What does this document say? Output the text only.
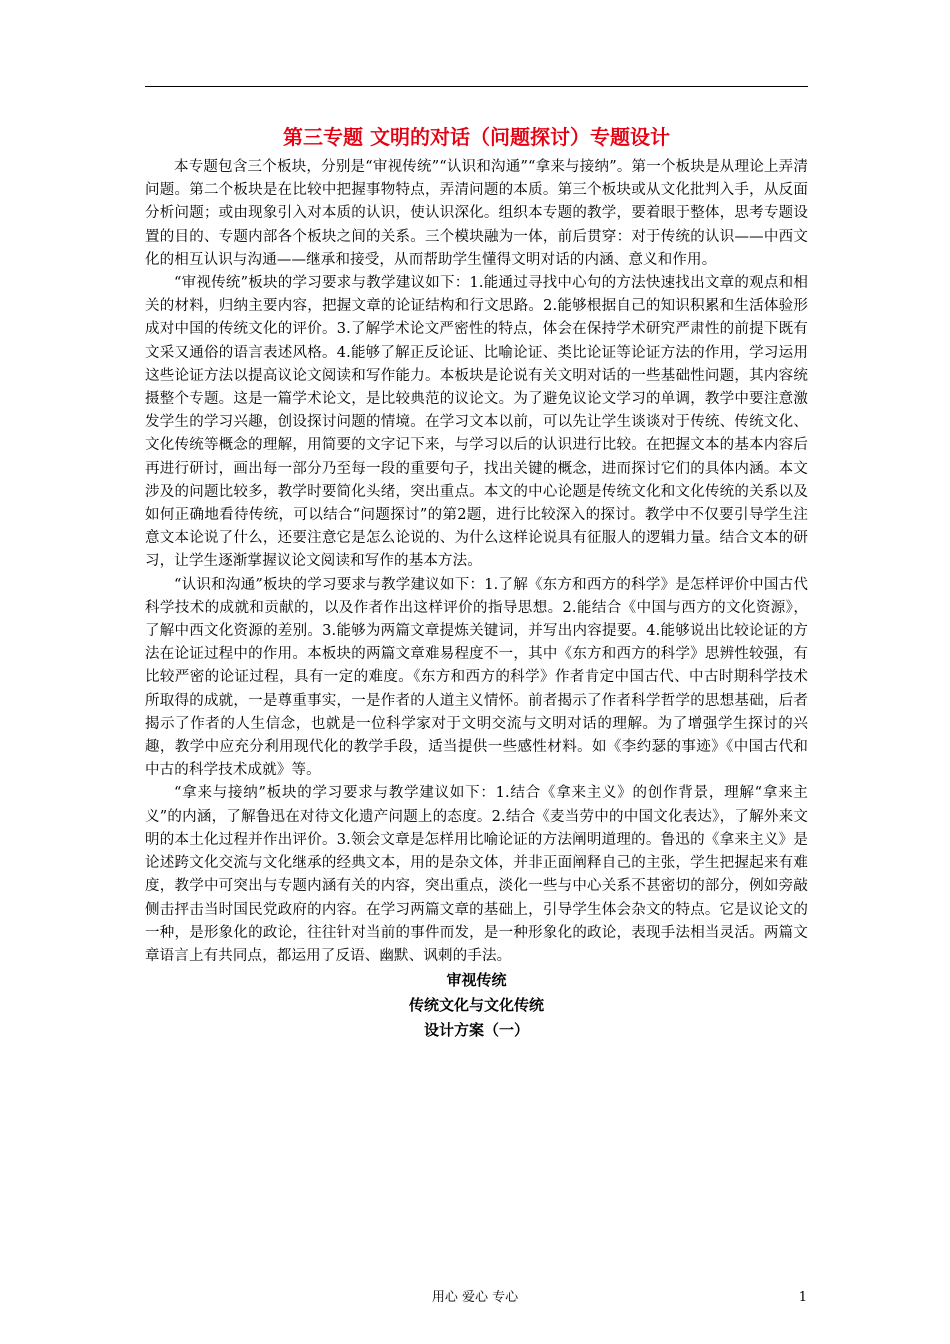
第三专题 文明的对话（问题探讨）专题设计

本专题包含三个板块，分别是“审视传统”“认识和沟通”“拿来与接纳”。第一个板块是从理论上弄清问题。第二个板块是在比较中把握事物特点，弄清问题的本质。第三个板块或从文化批判入手，从反面分析问题；或由现象引入对本质的认识，使认识深化。组织本专题的教学，要着眼于整体，思考专题设置的目的、专题内部各个板块之间的关系。三个模块融为一体，前后贯穿：对于传统的认识——中西文化的相互认识与沟通——继承和接受，从而帮助学生懂得文明对话的内涵、意义和作用。

“审视传统”板块的学习要求与教学建议如下：1.能通过寻找中心句的方法快速找出文章的观点和相关的材料，归纳主要内容，把握文章的论证结构和行文思路。2.能够根据自己的知识积累和生活体验形成对中国的传统文化的评价。3.了解学术论文严密性的特点，体会在保持学术研究严肃性的前提下既有文采又通俗的语言表述风格。4.能够了解正反论证、比喻论证、类比论证等论证方法的作用，学习运用这些论证方法以提高议论文阅读和写作能力。本板块是论说有关文明对话的一些基础性问题，其内容统摄整个专题。这是一篇学术论文，是比较典范的议论文。为了避免议论文学习的单调，教学中要注意激发学生的学习兴趣，创设探讨问题的情境。在学习文本以前，可以先让学生谈谈对于传统、传统文化、文化传统等概念的理解，用简要的文字记下来，与学习以后的认识进行比较。在把握文本的基本内容后再进行研讨，画出每一部分乃至每一段的重要句子，找出关键的概念，进而探讨它们的具体内涵。本文涉及的问题比较多，教学时要简化头绪，突出重点。本文的中心论题是传统文化和文化传统的关系以及如何正确地看待传统，可以结合“问题探讨”的第2题，进行比较深入的探讨。教学中不仅要引导学生注意文本论说了什么，还要注意它是怎么论说的、为什么这样论说具有征服人的逻辑力量。结合文本的研习，让学生逐渐掌握议论文阅读和写作的基本方法。

“认识和沟通”板块的学习要求与教学建议如下：1.了解《东方和西方的科学》是怎样评价中国古代科学技术的成就和贡献的，以及作者作出这样评价的指导思想。2.能结合《中国与西方的文化资源》，了解中西文化资源的差别。3.能够为两篇文章提炼关键词，并写出内容提要。4.能够说出比较论证的方法在论证过程中的作用。本板块的两篇文章难易程度不一，其中《东方和西方的科学》思辨性较强，有比较严密的论证过程，具有一定的难度。《东方和西方的科学》作者肯定中国古代、中古时期科学技术所取得的成就，一是尊重事实，一是作者的人道主义情怀。前者揭示了作者科学哲学的思想基础，后者揭示了作者的人生信念，也就是一位科学家对于文明交流与文明对话的理解。为了增强学生探讨的兴趣，教学中应充分利用现代化的教学手段，适当提供一些感性材料。如《李约瑟的事迹》《中国古代和中古的科学技术成就》等。

“拿来与接纳”板块的学习要求与教学建议如下：1.结合《拿来主义》的创作背景，理解“拿来主义”的内涵，了解鲁迅在对待文化遗产问题上的态度。2.结合《麦当劳中的中国文化表达》，了解外来文明的本土化过程并作出评价。3.领会文章是怎样用比喻论证的方法阐明道理的。鲁迅的《拿来主义》是论述跨文化交流与文化继承的经典文本，用的是杂文体，并非正面阐释自己的主张，学生把握起来有难度，教学中可突出与专题内涵有关的内容，突出重点，淡化一些与中心关系不甚密切的部分，例如旁敲侧击抨击当时国民党政府的内容。在学习两篇文章的基础上，引导学生体会杂文的特点。它是议论文的一种，是形象化的政论，往往针对当前的事件而发，是一种形象化的政论，表现手法相当灵活。两篇文章语言上有共同点，都运用了反语、幽默、讽刺的手法。

审视传统

传统文化与文化传统

设计方案（一）

用心 爱心 专心	1
